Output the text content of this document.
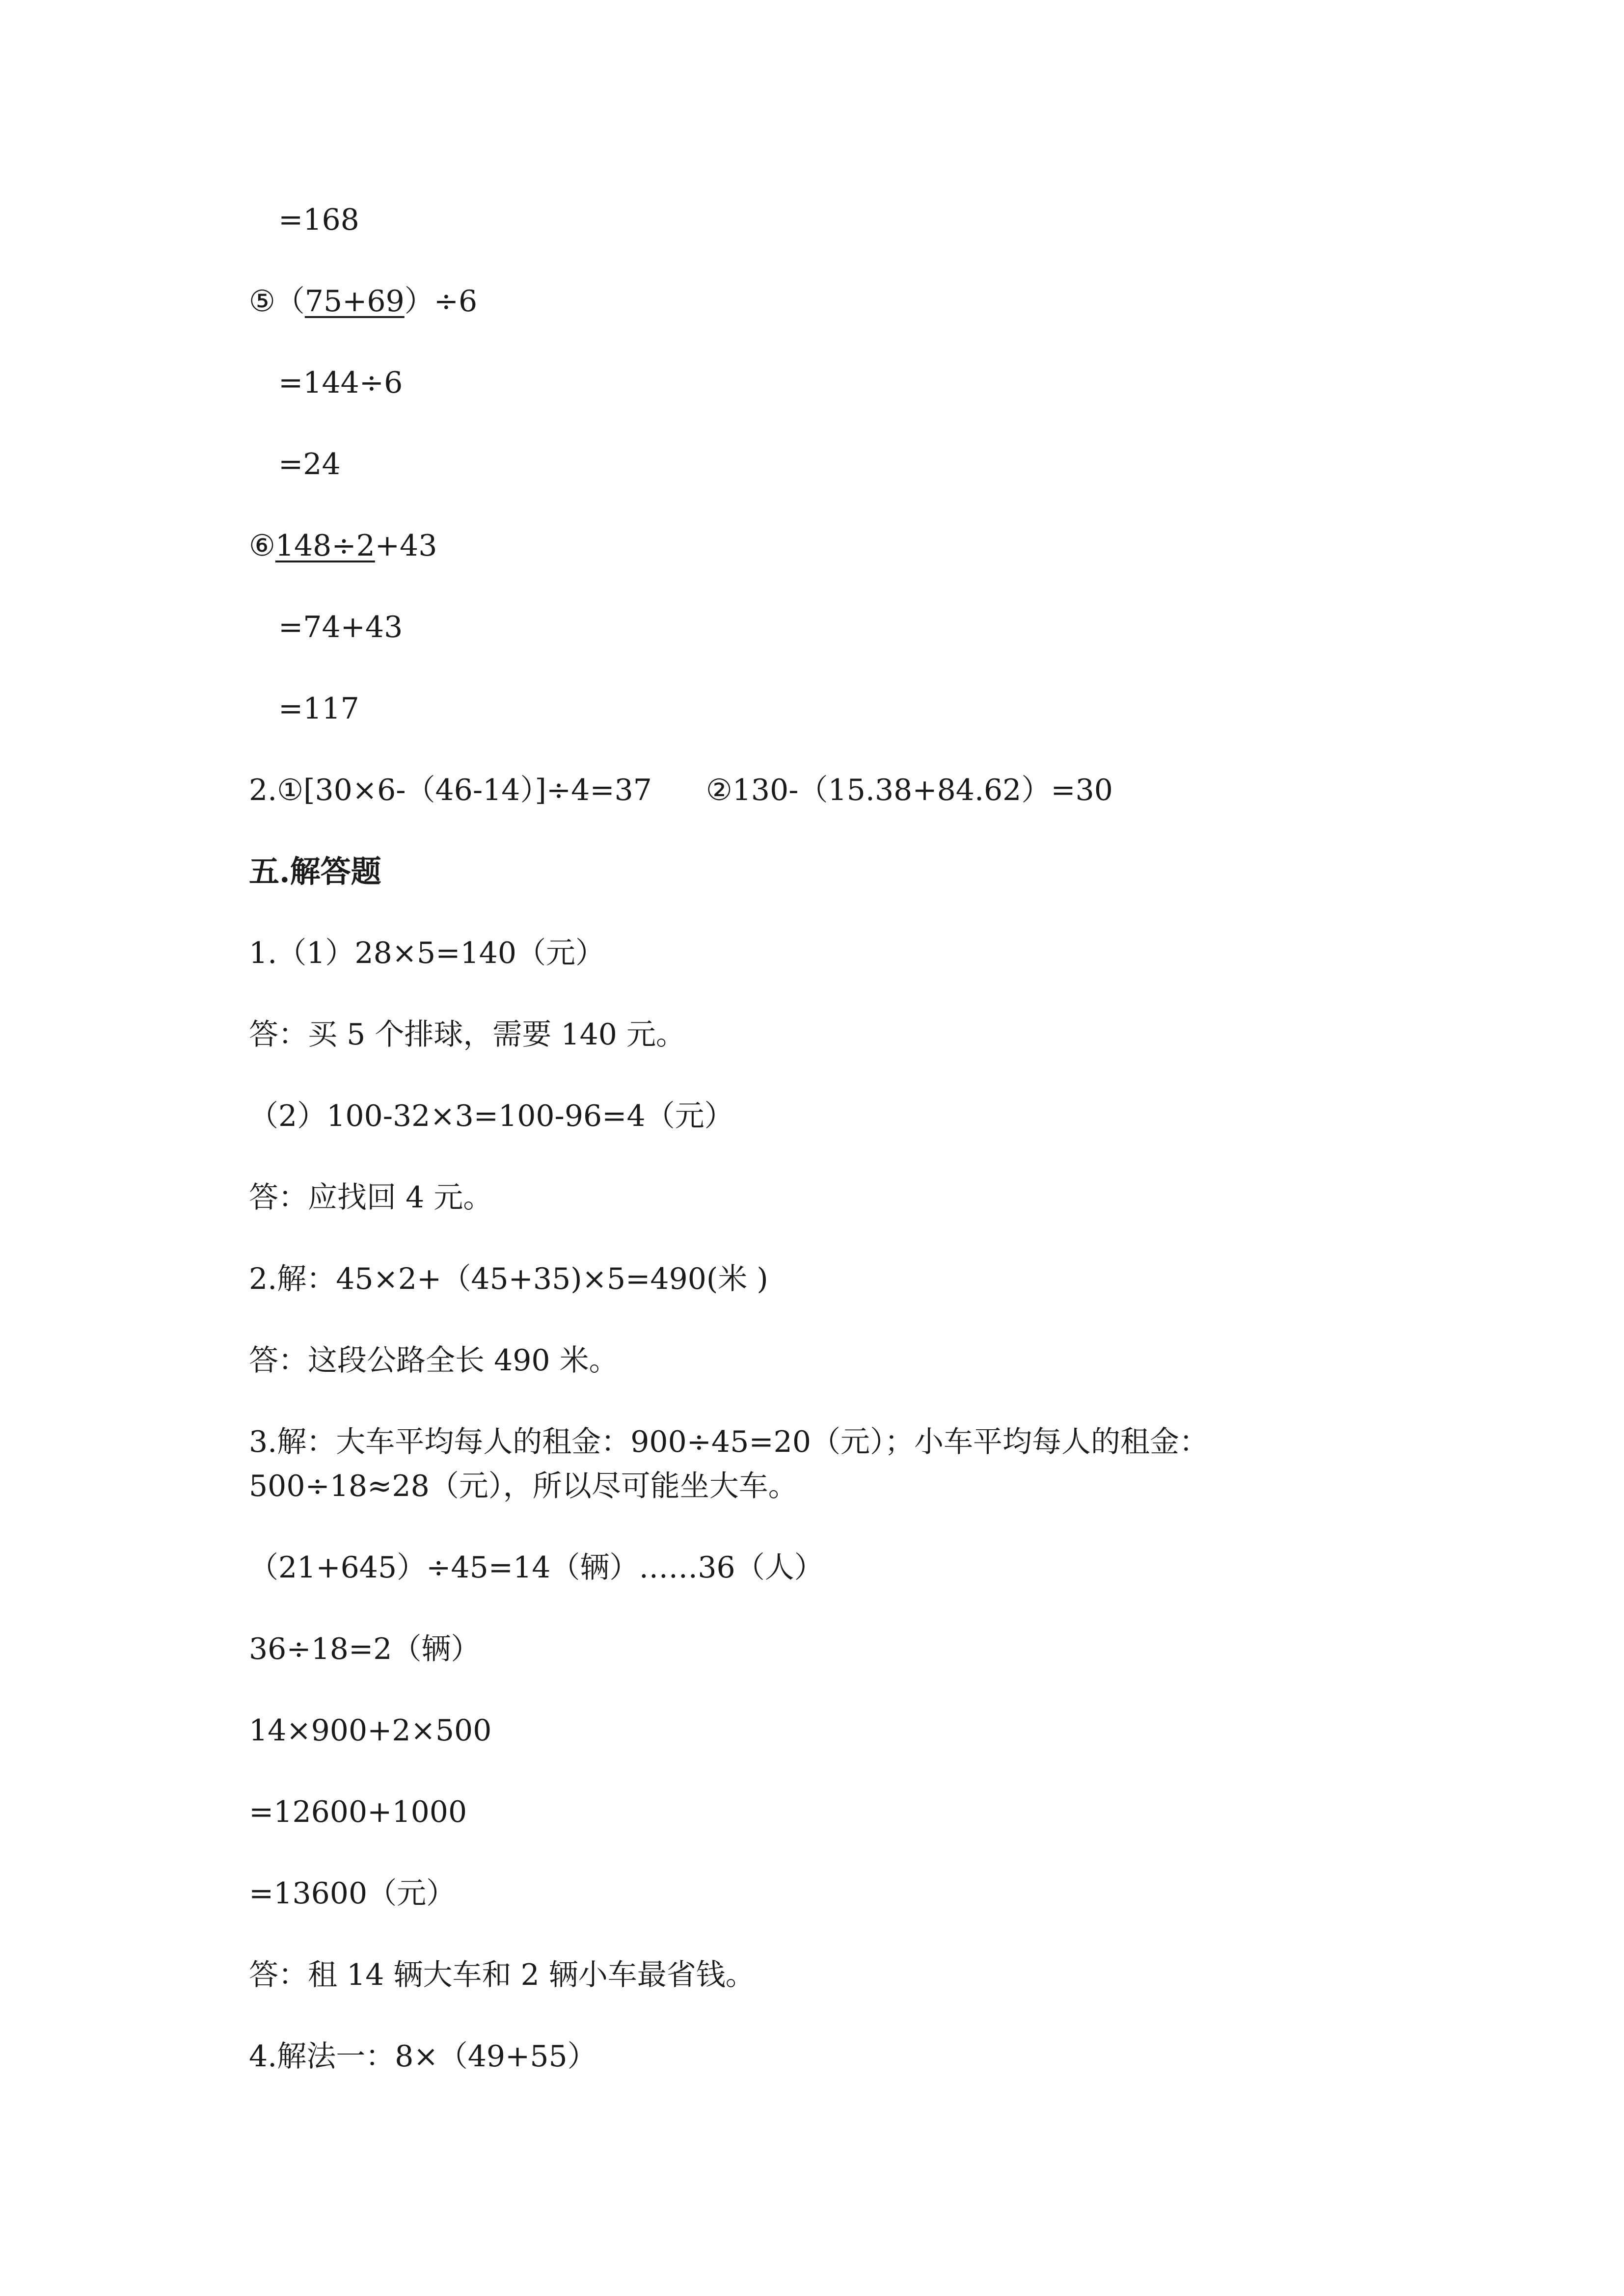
=168
⑤（75+69）÷6
=144÷6
=24
⑥148÷2+43
=74+43
=117
2.①[30×6-（46-14）]÷4=37 ②130-（15.38+84.62）=30
五.解答题
1.（1）28×5=140（元）
答：买 5 个排球，需要 140 元。
（2）100-32×3=100-96=4（元）
答：应找回 4 元。
2.解：45×2+（45+35)×5=490(米 )
答：这段公路全长 490 米。
3.解：大车平均每人的租金：900÷45=20（元）；小车平均每人的租金：
500÷18≈28（元），所以尽可能坐大车。
（21+645）÷45=14（辆）……36（人）
36÷18=2（辆）
14×900+2×500
=12600+1000
=13600（元）
答：租 14 辆大车和 2 辆小车最省钱。
4.解法一：8×（49+55）
